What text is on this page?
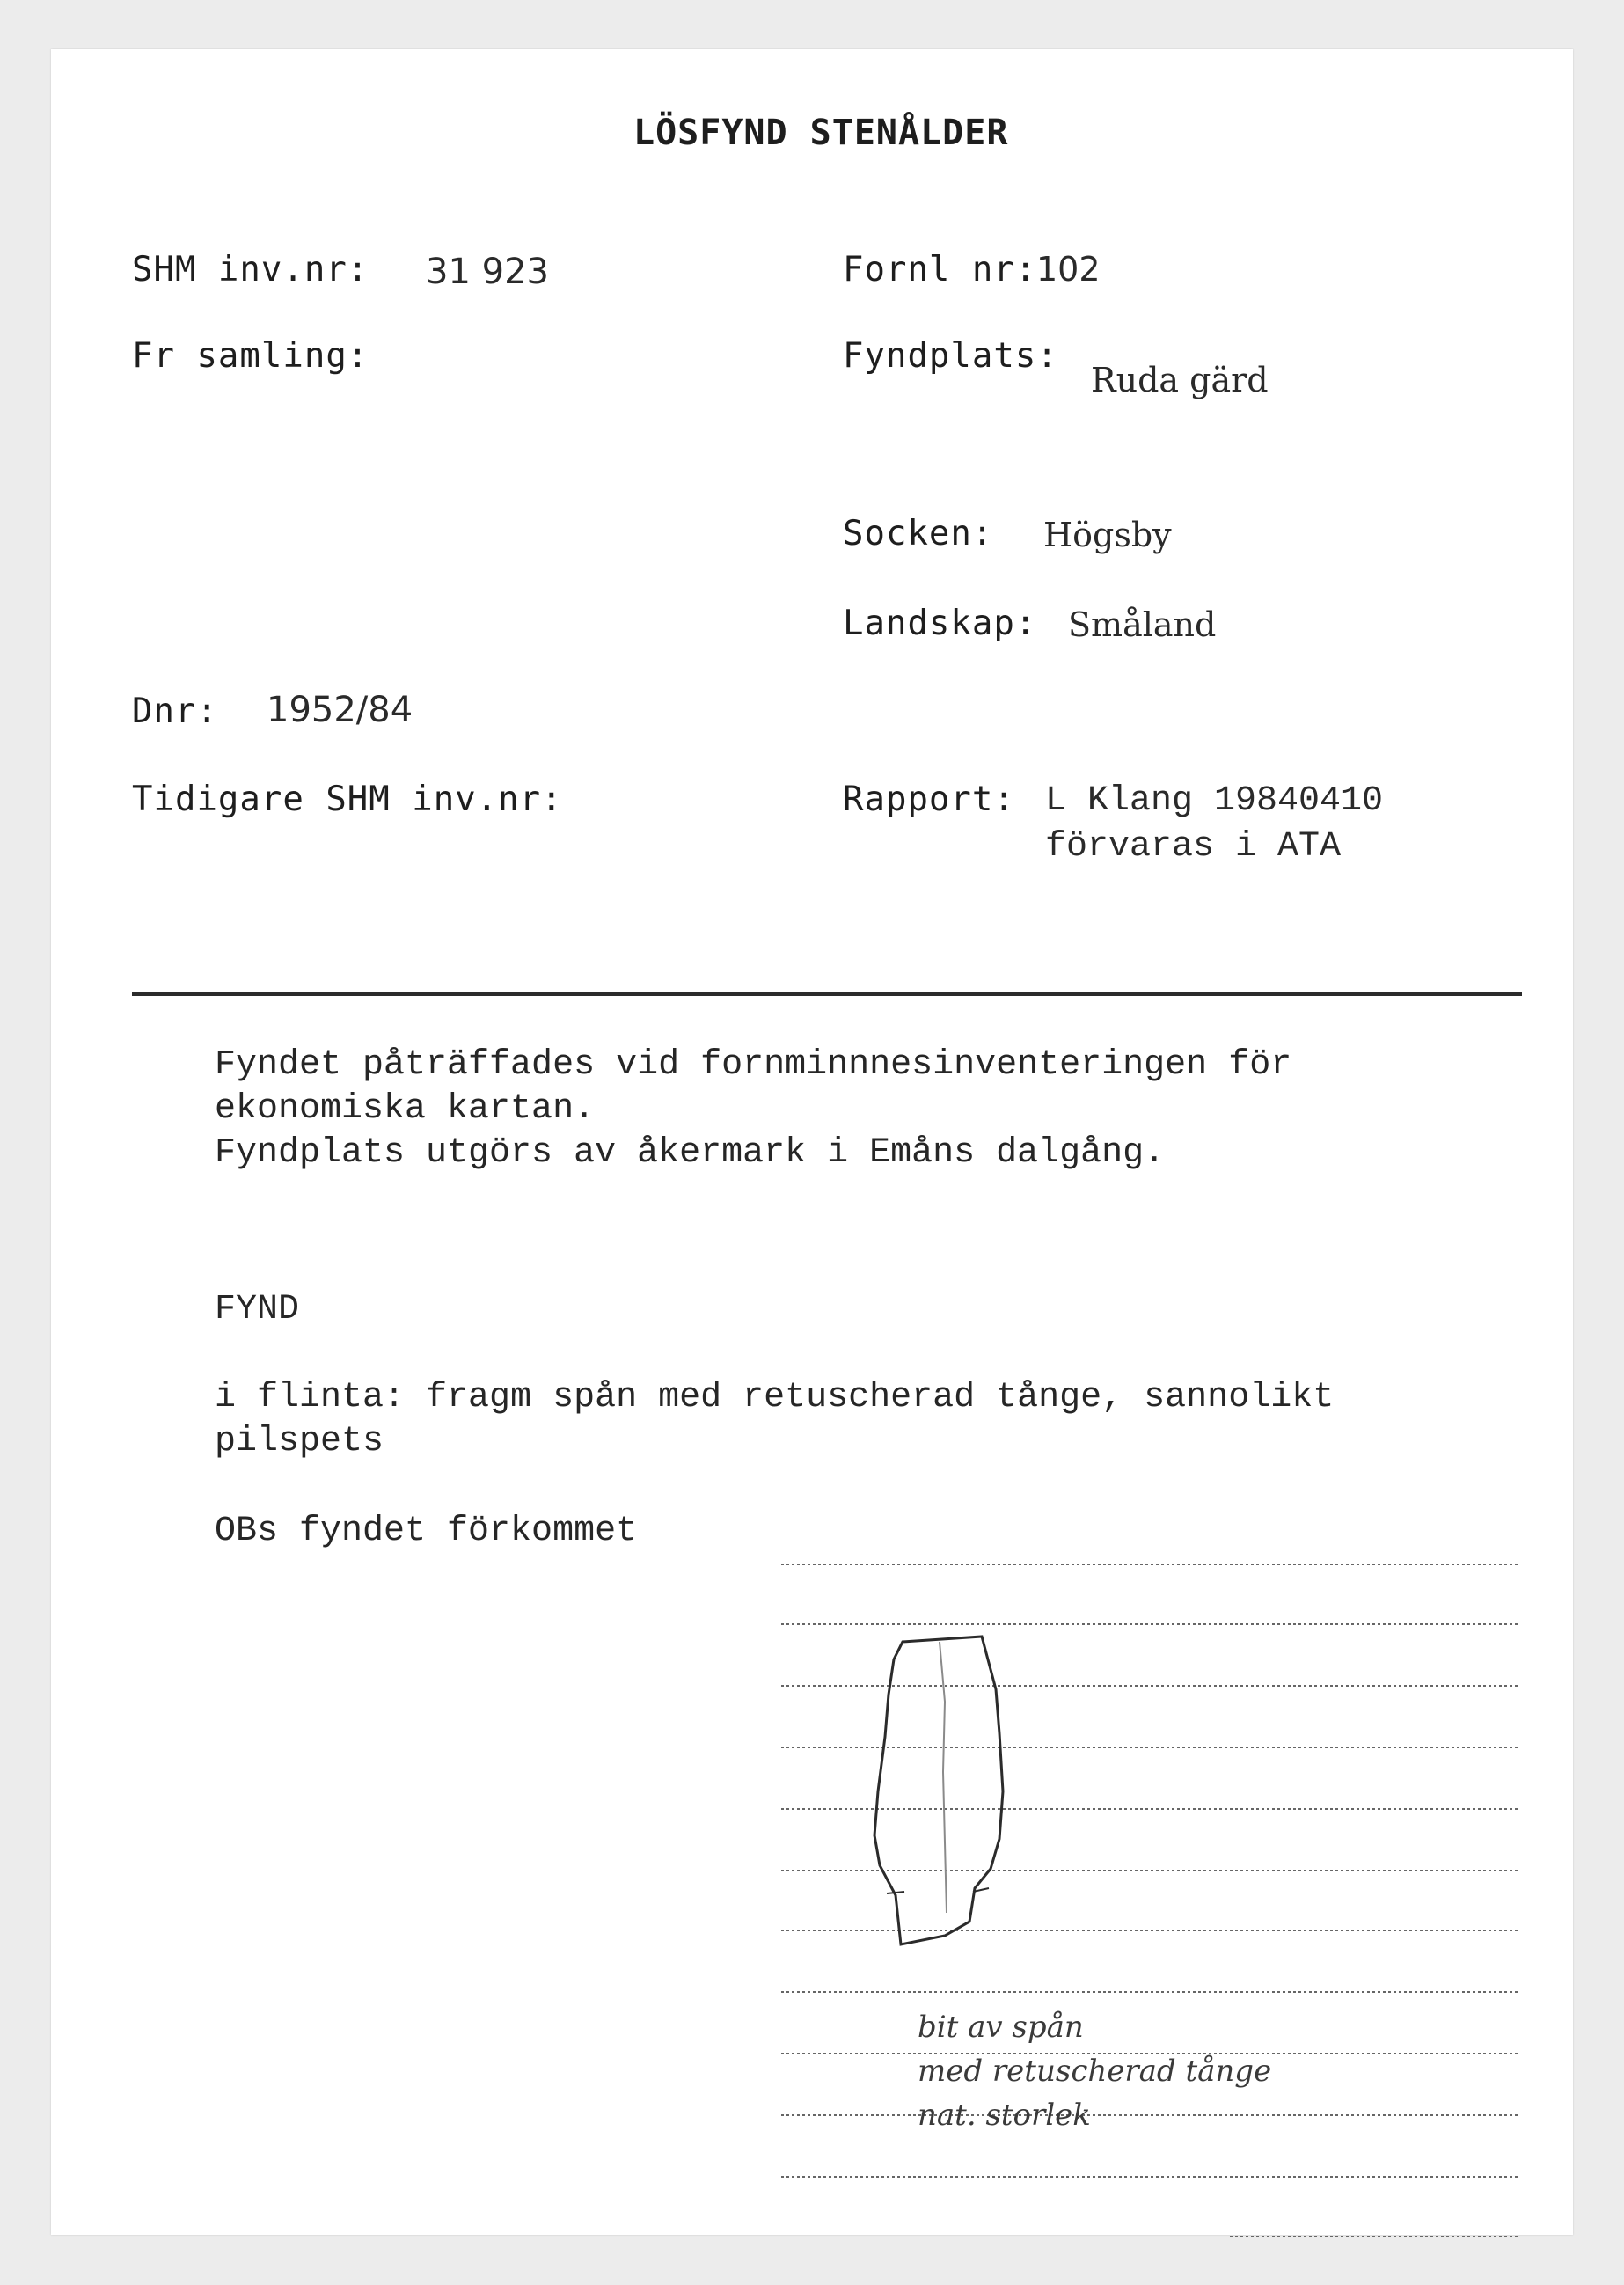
LÖSFYND STENÅLDER
SHM inv.nr: 31 923
Fr samling:
Dnr: 1952/84
Tidigare SHM inv.nr:
Fornl nr: 102
Fyndplats:
Ruda gärd
Socken: Högsby
Landskap: Småland
Rapport: L Klang 19840410
förvaras i ATA
Fyndet påträffades vid fornminnnesinventeringen för
ekonomiska kartan.
Fyndplats utgörs av åkermark i Emåns dalgång.
FYND
i flinta: fragm spån med retuscherad tånge, sannolikt
pilspets
OBs fyndet förkommet
bit av spån
med retuscherad tånge
nat. storlek
